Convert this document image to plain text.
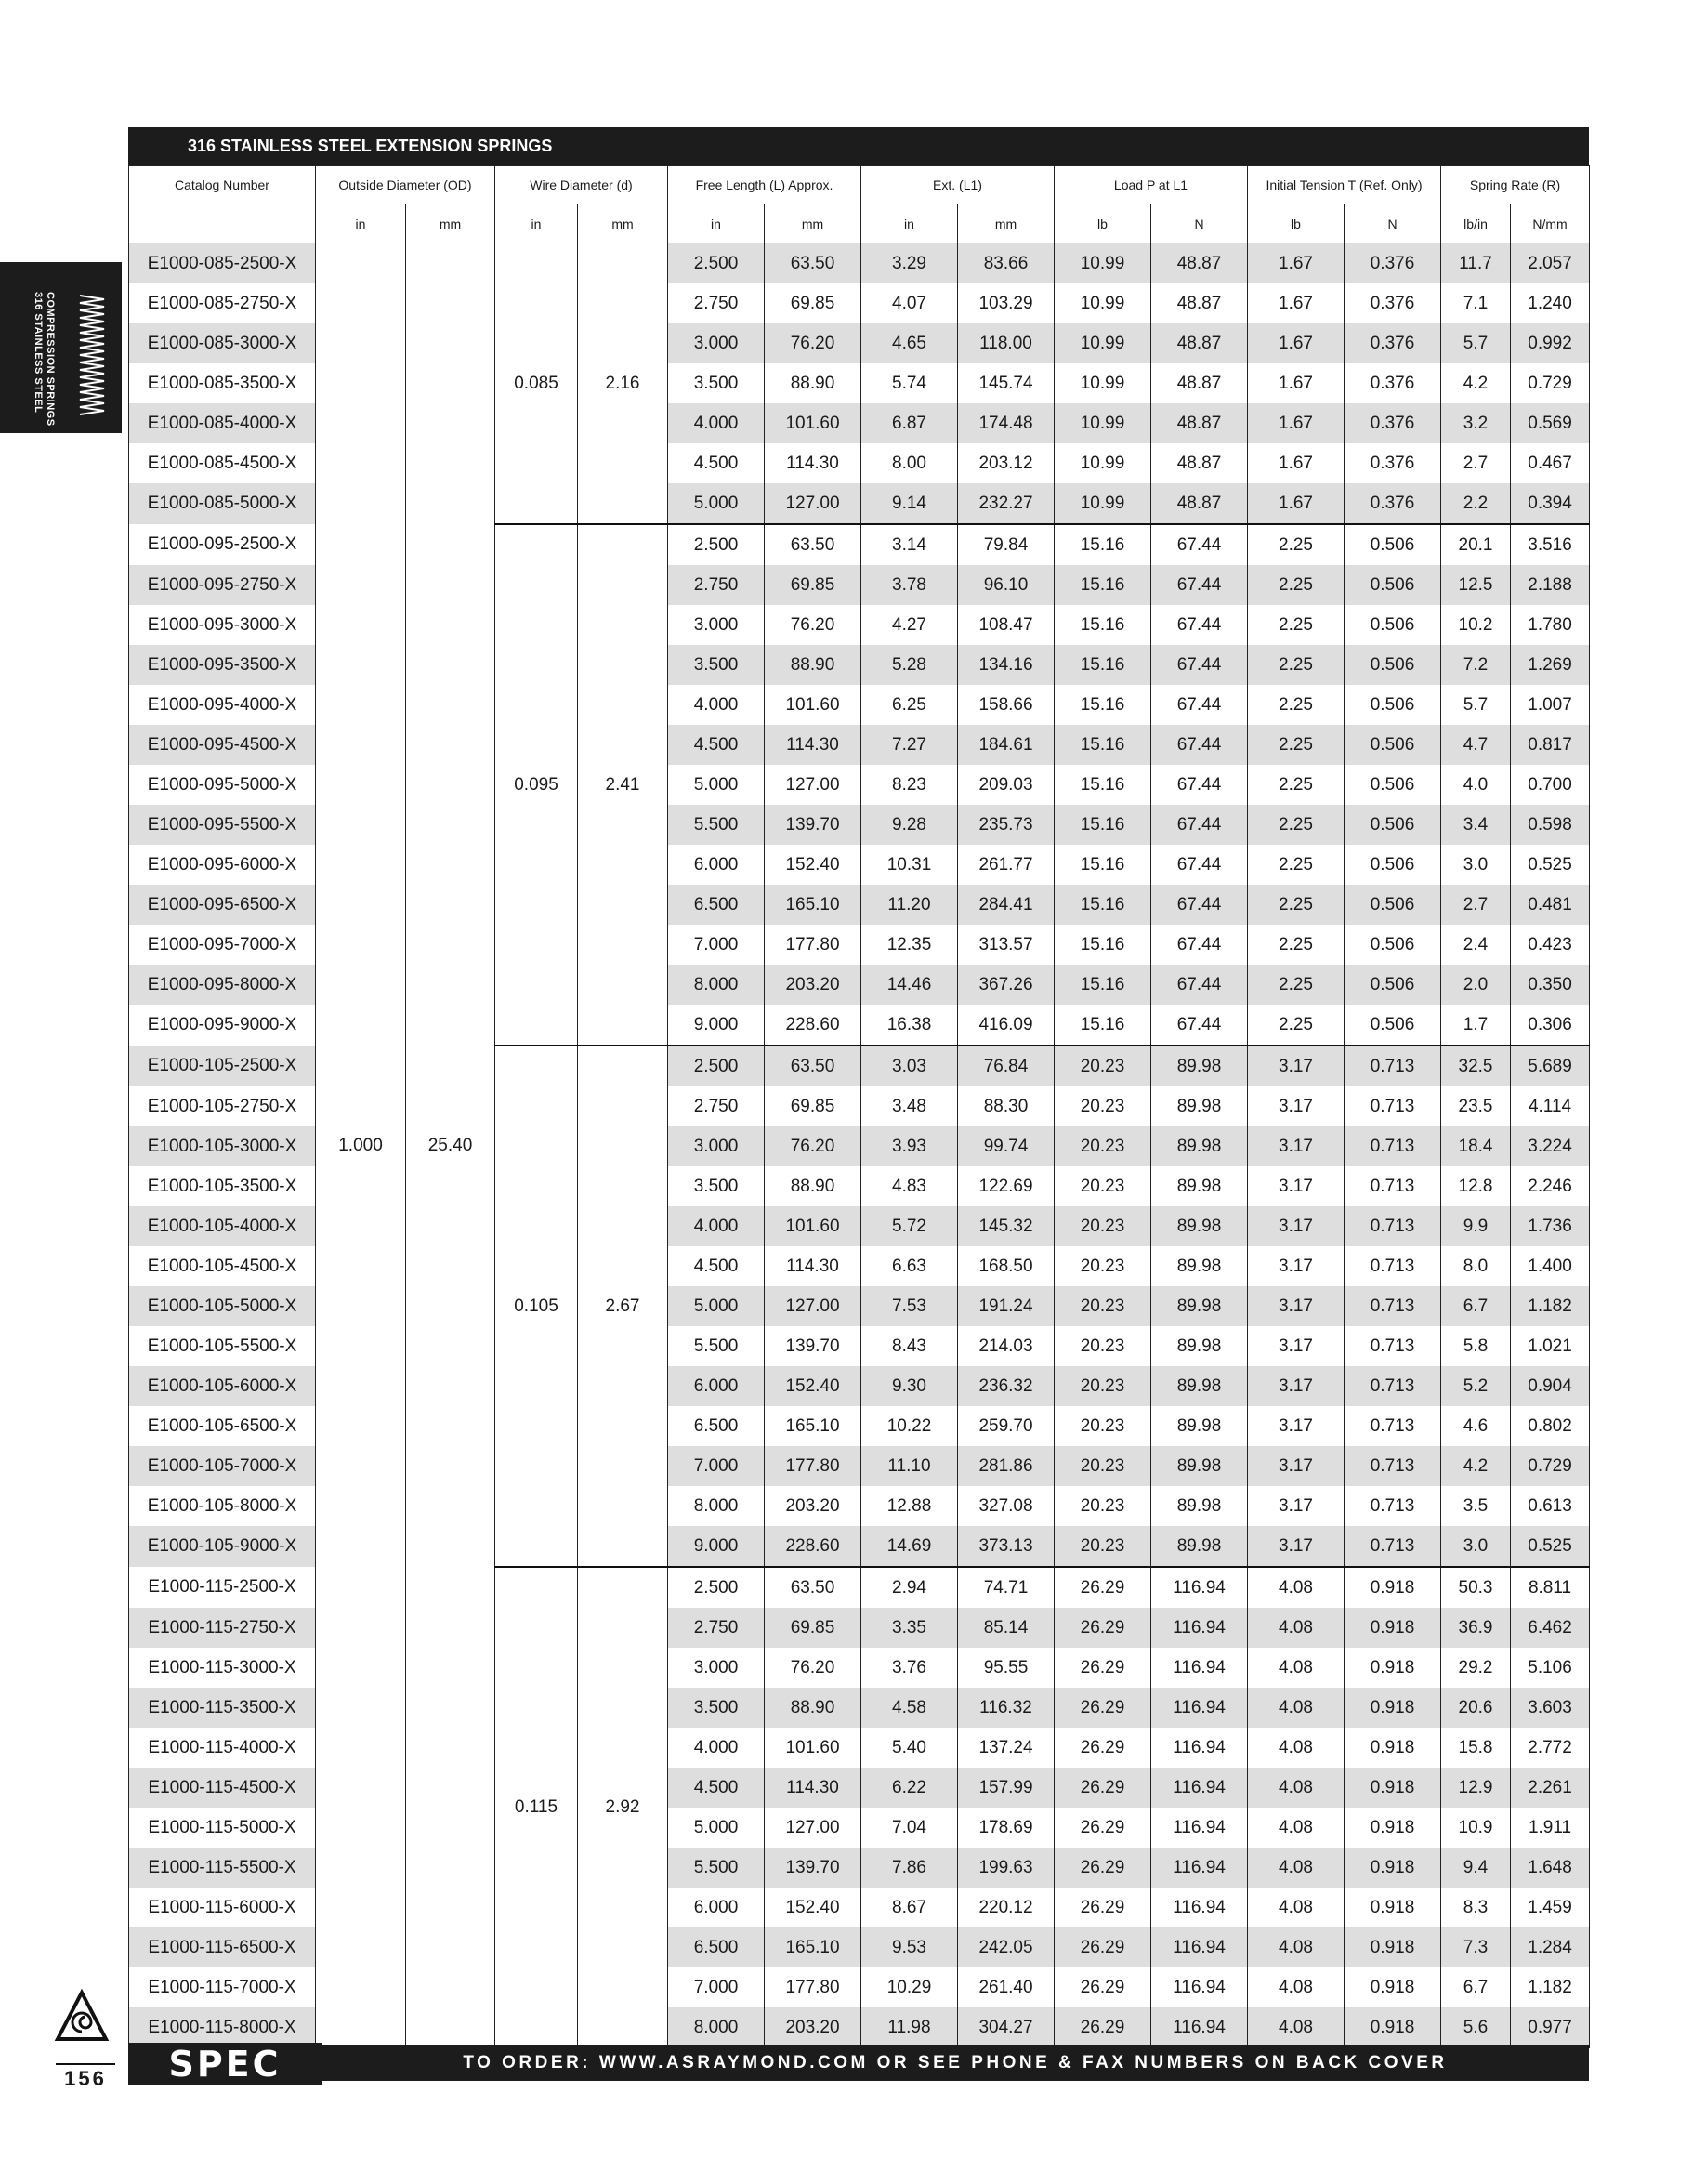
316 STAINLESS STEEL EXTENSION SPRINGS
COMPRESSION SPRINGS
316 STAINLESS STEEL
Catalog Number	Outside Diameter (OD)		Wire Diameter (d)		Free Length (L) Approx.		Ext. (L1)		Load P at L1		Initial Tension T (Ref. Only)		Spring Rate (R)	
	in	mm	in	mm	in	mm	in	mm	lb	N	lb	N	lb/in	N/mm
E1000-085-2500-X	1.000	25.40	0.085	2.16	2.500	63.50	3.29	83.66	10.99	48.87	1.67	0.376	11.7	2.057
E1000-085-2750-X					2.750	69.85	4.07	103.29	10.99	48.87	1.67	0.376	7.1	1.240
E1000-085-3000-X					3.000	76.20	4.65	118.00	10.99	48.87	1.67	0.376	5.7	0.992
E1000-085-3500-X					3.500	88.90	5.74	145.74	10.99	48.87	1.67	0.376	4.2	0.729
E1000-085-4000-X					4.000	101.60	6.87	174.48	10.99	48.87	1.67	0.376	3.2	0.569
E1000-085-4500-X					4.500	114.30	8.00	203.12	10.99	48.87	1.67	0.376	2.7	0.467
E1000-085-5000-X					5.000	127.00	9.14	232.27	10.99	48.87	1.67	0.376	2.2	0.394
E1000-095-2500-X			0.095	2.41	2.500	63.50	3.14	79.84	15.16	67.44	2.25	0.506	20.1	3.516
E1000-095-2750-X					2.750	69.85	3.78	96.10	15.16	67.44	2.25	0.506	12.5	2.188
E1000-095-3000-X					3.000	76.20	4.27	108.47	15.16	67.44	2.25	0.506	10.2	1.780
E1000-095-3500-X					3.500	88.90	5.28	134.16	15.16	67.44	2.25	0.506	7.2	1.269
E1000-095-4000-X					4.000	101.60	6.25	158.66	15.16	67.44	2.25	0.506	5.7	1.007
E1000-095-4500-X					4.500	114.30	7.27	184.61	15.16	67.44	2.25	0.506	4.7	0.817
E1000-095-5000-X					5.000	127.00	8.23	209.03	15.16	67.44	2.25	0.506	4.0	0.700
E1000-095-5500-X					5.500	139.70	9.28	235.73	15.16	67.44	2.25	0.506	3.4	0.598
E1000-095-6000-X					6.000	152.40	10.31	261.77	15.16	67.44	2.25	0.506	3.0	0.525
E1000-095-6500-X					6.500	165.10	11.20	284.41	15.16	67.44	2.25	0.506	2.7	0.481
E1000-095-7000-X					7.000	177.80	12.35	313.57	15.16	67.44	2.25	0.506	2.4	0.423
E1000-095-8000-X					8.000	203.20	14.46	367.26	15.16	67.44	2.25	0.506	2.0	0.350
E1000-095-9000-X					9.000	228.60	16.38	416.09	15.16	67.44	2.25	0.506	1.7	0.306
E1000-105-2500-X			0.105	2.67	2.500	63.50	3.03	76.84	20.23	89.98	3.17	0.713	32.5	5.689
E1000-105-2750-X					2.750	69.85	3.48	88.30	20.23	89.98	3.17	0.713	23.5	4.114
E1000-105-3000-X					3.000	76.20	3.93	99.74	20.23	89.98	3.17	0.713	18.4	3.224
E1000-105-3500-X					3.500	88.90	4.83	122.69	20.23	89.98	3.17	0.713	12.8	2.246
E1000-105-4000-X					4.000	101.60	5.72	145.32	20.23	89.98	3.17	0.713	9.9	1.736
E1000-105-4500-X					4.500	114.30	6.63	168.50	20.23	89.98	3.17	0.713	8.0	1.400
E1000-105-5000-X					5.000	127.00	7.53	191.24	20.23	89.98	3.17	0.713	6.7	1.182
E1000-105-5500-X					5.500	139.70	8.43	214.03	20.23	89.98	3.17	0.713	5.8	1.021
E1000-105-6000-X					6.000	152.40	9.30	236.32	20.23	89.98	3.17	0.713	5.2	0.904
E1000-105-6500-X					6.500	165.10	10.22	259.70	20.23	89.98	3.17	0.713	4.6	0.802
E1000-105-7000-X					7.000	177.80	11.10	281.86	20.23	89.98	3.17	0.713	4.2	0.729
E1000-105-8000-X					8.000	203.20	12.88	327.08	20.23	89.98	3.17	0.713	3.5	0.613
E1000-105-9000-X					9.000	228.60	14.69	373.13	20.23	89.98	3.17	0.713	3.0	0.525
E1000-115-2500-X			0.115	2.92	2.500	63.50	2.94	74.71	26.29	116.94	4.08	0.918	50.3	8.811
E1000-115-2750-X					2.750	69.85	3.35	85.14	26.29	116.94	4.08	0.918	36.9	6.462
E1000-115-3000-X					3.000	76.20	3.76	95.55	26.29	116.94	4.08	0.918	29.2	5.106
E1000-115-3500-X					3.500	88.90	4.58	116.32	26.29	116.94	4.08	0.918	20.6	3.603
E1000-115-4000-X					4.000	101.60	5.40	137.24	26.29	116.94	4.08	0.918	15.8	2.772
E1000-115-4500-X					4.500	114.30	6.22	157.99	26.29	116.94	4.08	0.918	12.9	2.261
E1000-115-5000-X					5.000	127.00	7.04	178.69	26.29	116.94	4.08	0.918	10.9	1.911
E1000-115-5500-X					5.500	139.70	7.86	199.63	26.29	116.94	4.08	0.918	9.4	1.648
E1000-115-6000-X					6.000	152.40	8.67	220.12	26.29	116.94	4.08	0.918	8.3	1.459
E1000-115-6500-X					6.500	165.10	9.53	242.05	26.29	116.94	4.08	0.918	7.3	1.284
E1000-115-7000-X					7.000	177.80	10.29	261.40	26.29	116.94	4.08	0.918	6.7	1.182
E1000-115-8000-X					8.000	203.20	11.98	304.27	26.29	116.94	4.08	0.918	5.6	0.977
156 SPEC	TO ORDER: WWW.ASRAYMOND.COM OR SEE PHONE & FAX NUMBERS ON BACK COVER
